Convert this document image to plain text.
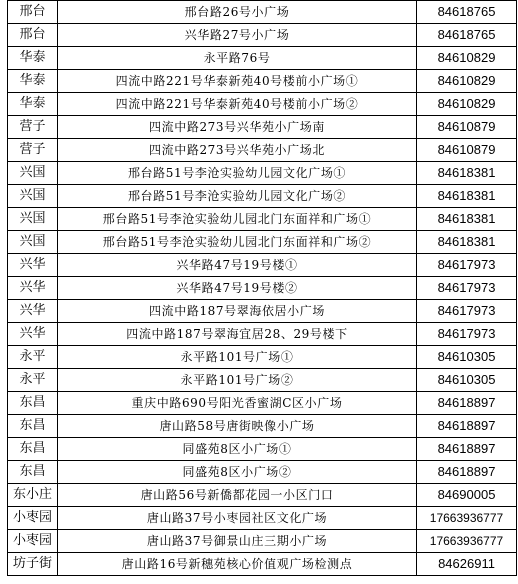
邢台	邢台路26号小广场	84618765
邢台	兴华路27号小广场	84618765
华泰	永平路76号	84610829
华泰	四流中路221号华泰新苑40号楼前小广场①	84610829
华泰	四流中路221号华泰新苑40号楼前小广场②	84610829
营子	四流中路273号兴华苑小广场南	84610879
营子	四流中路273号兴华苑小广场北	84610879
兴国	邢台路51号李沧实验幼儿园文化广场①	84618381
兴国	邢台路51号李沧实验幼儿园文化广场②	84618381
兴国	邢台路51号李沧实验幼儿园北门东面祥和广场①	84618381
兴国	邢台路51号李沧实验幼儿园北门东面祥和广场②	84618381
兴华	兴华路47号19号楼①	84617973
兴华	兴华路47号19号楼②	84617973
兴华	四流中路187号翠海依居小广场	84617973
兴华	四流中路187号翠海宜居28、29号楼下	84617973
永平	永平路101号广场①	84610305
永平	永平路101号广场②	84610305
东昌	重庆中路690号阳光香蜜湖C区小广场	84618897
东昌	唐山路58号唐街映像小广场	84618897
东昌	同盛苑8区小广场①	84618897
东昌	同盛苑8区小广场②	84618897
东小庄	唐山路56号新僑都花园一小区门口	84690005
小枣园	唐山路37号小枣园社区文化广场	17663936777
小枣园	唐山路37号御景山庄三期小广场	17663936777
坊子街	唐山路16号新穗苑核心价值观广场检测点	84626911
